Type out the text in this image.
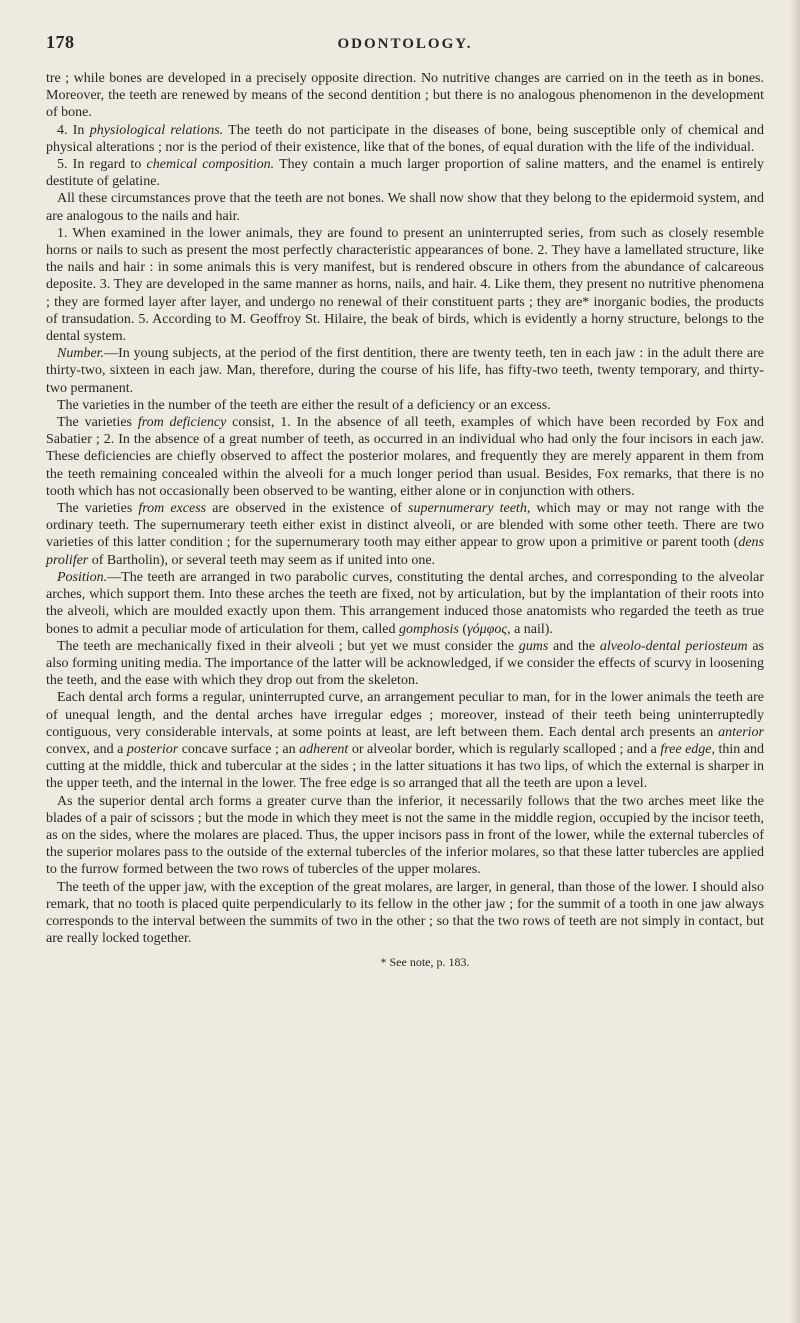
178	ODONTOLOGY.

tre ; while bones are developed in a precisely opposite direction. No nutritive changes are carried on in the teeth as in bones. Moreover, the teeth are renewed by means of the second dentition ; but there is no analogous phenomenon in the development of bone.

4. In physiological relations. The teeth do not participate in the diseases of bone, being susceptible only of chemical and physical alterations ; nor is the period of their existence, like that of the bones, of equal duration with the life of the individual.

5. In regard to chemical composition. They contain a much larger proportion of saline matters, and the enamel is entirely destitute of gelatine.

All these circumstances prove that the teeth are not bones. We shall now show that they belong to the epidermoid system, and are analogous to the nails and hair.

1. When examined in the lower animals, they are found to present an uninterrupted series, from such as closely resemble horns or nails to such as present the most perfectly characteristic appearances of bone. 2. They have a lamellated structure, like the nails and hair : in some animals this is very manifest, but is rendered obscure in others from the abundance of calcareous deposite. 3. They are developed in the same manner as horns, nails, and hair. 4. Like them, they present no nutritive phenomena ; they are formed layer after layer, and undergo no renewal of their constituent parts ; they are* inorganic bodies, the products of transudation. 5. According to M. Geoffroy St. Hilaire, the beak of birds, which is evidently a horny structure, belongs to the dental system.

Number.—In young subjects, at the period of the first dentition, there are twenty teeth, ten in each jaw : in the adult there are thirty-two, sixteen in each jaw. Man, therefore, during the course of his life, has fifty-two teeth, twenty temporary, and thirty-two permanent.

The varieties in the number of the teeth are either the result of a deficiency or an excess.

The varieties from deficiency consist, 1. In the absence of all teeth, examples of which have been recorded by Fox and Sabatier ; 2. In the absence of a great number of teeth, as occurred in an individual who had only the four incisors in each jaw. These deficiencies are chiefly observed to affect the posterior molares, and frequently they are merely apparent in them from the teeth remaining concealed within the alveoli for a much longer period than usual. Besides, Fox remarks, that there is no tooth which has not occasionally been observed to be wanting, either alone or in conjunction with others.

The varieties from excess are observed in the existence of supernumerary teeth, which may or may not range with the ordinary teeth. The supernumerary teeth either exist in distinct alveoli, or are blended with some other teeth. There are two varieties of this latter condition ; for the supernumerary tooth may either appear to grow upon a primitive or parent tooth (dens prolifer of Bartholin), or several teeth may seem as if united into one.

Position.—The teeth are arranged in two parabolic curves, constituting the dental arches, and corresponding to the alveolar arches, which support them. Into these arches the teeth are fixed, not by articulation, but by the implantation of their roots into the alveoli, which are moulded exactly upon them. This arrangement induced those anatomists who regarded the teeth as true bones to admit a peculiar mode of articulation for them, called gomphosis (γόμφος, a nail).

The teeth are mechanically fixed in their alveoli ; but yet we must consider the gums and the alveolo-dental periosteum as also forming uniting media. The importance of the latter will be acknowledged, if we consider the effects of scurvy in loosening the teeth, and the ease with which they drop out from the skeleton.

Each dental arch forms a regular, uninterrupted curve, an arrangement peculiar to man, for in the lower animals the teeth are of unequal length, and the dental arches have irregular edges ; moreover, instead of their teeth being uninterruptedly contiguous, very considerable intervals, at some points at least, are left between them. Each dental arch presents an anterior convex, and a posterior concave surface ; an adherent or alveolar border, which is regularly scalloped ; and a free edge, thin and cutting at the middle, thick and tubercular at the sides ; in the latter situations it has two lips, of which the external is sharper in the upper teeth, and the internal in the lower. The free edge is so arranged that all the teeth are upon a level.

As the superior dental arch forms a greater curve than the inferior, it necessarily follows that the two arches meet like the blades of a pair of scissors ; but the mode in which they meet is not the same in the middle region, occupied by the incisor teeth, as on the sides, where the molares are placed. Thus, the upper incisors pass in front of the lower, while the external tubercles of the superior molares pass to the outside of the external tubercles of the inferior molares, so that these latter tubercles are applied to the furrow formed between the two rows of tubercles of the upper molares.

The teeth of the upper jaw, with the exception of the great molares, are larger, in general, than those of the lower. I should also remark, that no tooth is placed quite perpendicularly to its fellow in the other jaw ; for the summit of a tooth in one jaw always corresponds to the interval between the summits of two in the other ; so that the two rows of teeth are not simply in contact, but are really locked together.

* See note, p. 183.
